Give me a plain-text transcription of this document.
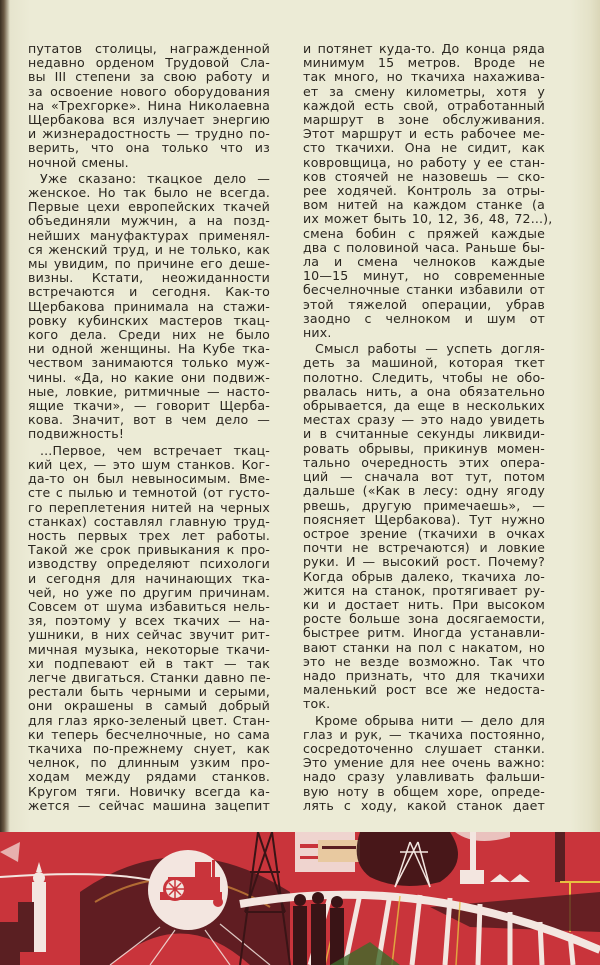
путатов столицы, награжденной
недавно орденом Трудовой Сла-
вы III степени за свою работу и
за освоение нового оборудования
на «Трехгорке». Нина Николаевна
Щербакова вся излучает энергию
и жизнерадостность — трудно по-
верить, что она только что из
ночной смены.
Уже сказано: ткацкое дело —
женское. Но так было не всегда.
Первые цехи европейских ткачей
объединяли мужчин, а на позд-
нейших мануфактурах применял-
ся женский труд, и не только, как
мы увидим, по причине его деше-
визны. Кстати, неожиданности
встречаются и сегодня. Как-то
Щербакова принимала на стажи-
ровку кубинских мастеров ткац-
кого дела. Среди них не было
ни одной женщины. На Кубе тка-
чеством занимаются только муж-
чины. «Да, но какие они подвиж-
ные, ловкие, ритмичные — насто-
ящие ткачи», — говорит Щерба-
кова. Значит, вот в чем дело —
подвижность!
...Первое, чем встречает ткац-
кий цех, — это шум станков. Ког-
да-то он был невыносимым. Вме-
сте с пылью и темнотой (от густо-
го переплетения нитей на черных
станках) составлял главную труд-
ность первых трех лет работы.
Такой же срок привыкания к про-
изводству определяют психологи
и сегодня для начинающих тка-
чей, но уже по другим причинам.
Совсем от шума избавиться нель-
зя, поэтому у всех ткачих — на-
ушники, в них сейчас звучит рит-
мичная музыка, некоторые ткачи-
хи подпевают ей в такт — так
легче двигаться. Станки давно пе-
рестали быть черными и серыми,
они окрашены в самый добрый
для глаз ярко-зеленый цвет. Стан-
ки теперь бесчелночные, но сама
ткачиха по-прежнему снует, как
челнок, по длинным узким про-
ходам между рядами станков.
Кругом тяги. Новичку всегда ка-
жется — сейчас машина зацепит
и потянет куда-то. До конца ряда
минимум 15 метров. Вроде не
так много, но ткачиха нахажива-
ет за смену километры, хотя у
каждой есть свой, отработанный
маршрут в зоне обслуживания.
Этот маршрут и есть рабочее ме-
сто ткачихи. Она не сидит, как
ковровщица, но работу у ее стан-
ков стоячей не назовешь — ско-
рее ходячей. Контроль за отры-
вом нитей на каждом станке (а
их может быть 10, 12, 36, 48, 72...),
смена бобин с пряжей каждые
два с половиной часа. Раньше бы-
ла и смена челноков каждые
10—15 минут, но современные
бесчелночные станки избавили от
этой тяжелой операции, убрав
заодно с челноком и шум от
них.
Смысл работы — успеть догля-
деть за машиной, которая ткет
полотно. Следить, чтобы не обо-
рвалась нить, а она обязательно
обрывается, да еще в нескольких
местах сразу — это надо увидеть
и в считанные секунды ликвиди-
ровать обрывы, прикинув момен-
тально очередность этих опера-
ций — сначала вот тут, потом
дальше («Как в лесу: одну ягоду
рвешь, другую примечаешь», —
поясняет Щербакова). Тут нужно
острое зрение (ткачихи в очках
почти не встречаются) и ловкие
руки. И — высокий рост. Почему?
Когда обрыв далеко, ткачиха ло-
жится на станок, протягивает ру-
ки и достает нить. При высоком
росте больше зона досягаемости,
быстрее ритм. Иногда устанавли-
вают станки на пол с накатом, но
это не везде возможно. Так что
надо признать, что для ткачихи
маленький рост все же недоста-
ток.
Кроме обрыва нити — дело для
глаз и рук, — ткачиха постоянно,
сосредоточенно слушает станки.
Это умение для нее очень важно:
надо сразу улавливать фальши-
вую ноту в общем хоре, опреде-
лять с ходу, какой станок дает
